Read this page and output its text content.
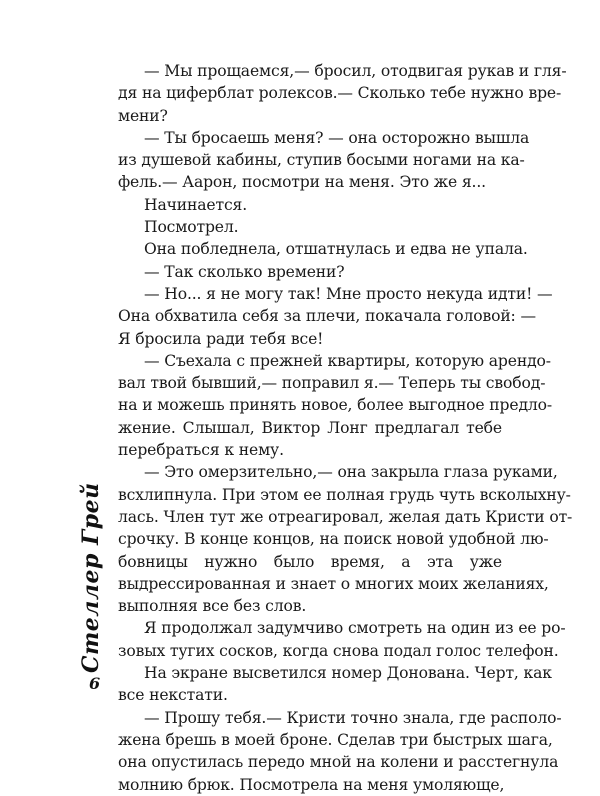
— Мы прощаемся,— бросил, отодвигая рукав и гля-
дя на циферблат ролексов.— Сколько тебе нужно вре-
мени?
— Ты бросаешь меня? — она осторожно вышла
из душевой кабины, ступив босыми ногами на ка-
фель.— Аарон, посмотри на меня. Это же я...
Начинается.
Посмотрел.
Она побледнела, отшатнулась и едва не упала.
— Так сколько времени?
— Но... я не могу так! Мне просто некуда идти! —
Она обхватила себя за плечи, покачала головой: —
Я бросила ради тебя все!
— Съехала с прежней квартиры, которую арендо-
вал твой бывший,— поправил я.— Теперь ты свобод-
на и можешь принять новое, более выгодное предло-
жение. Слышал, Виктор Лонг предлагал тебе
перебраться к нему.
— Это омерзительно,— она закрыла глаза руками,
всхлипнула. При этом ее полная грудь чуть всколыхну-
лась. Член тут же отреагировал, желая дать Кристи от-
срочку. В конце концов, на поиск новой удобной лю-
бовницы нужно было время, а эта уже
выдрессированная и знает о многих моих желаниях,
выполняя все без слов.
Я продолжал задумчиво смотреть на один из ее ро-
зовых тугих сосков, когда снова подал голос телефон.
На экране высветился номер Донована. Черт, как
все некстати.
— Прошу тебя.— Кристи точно знала, где располо-
жена брешь в моей броне. Сделав три быстрых шага,
она опустилась передо мной на колени и расстегнула
молнию брюк. Посмотрела на меня умоляюще,
Стеллер Грей
6
